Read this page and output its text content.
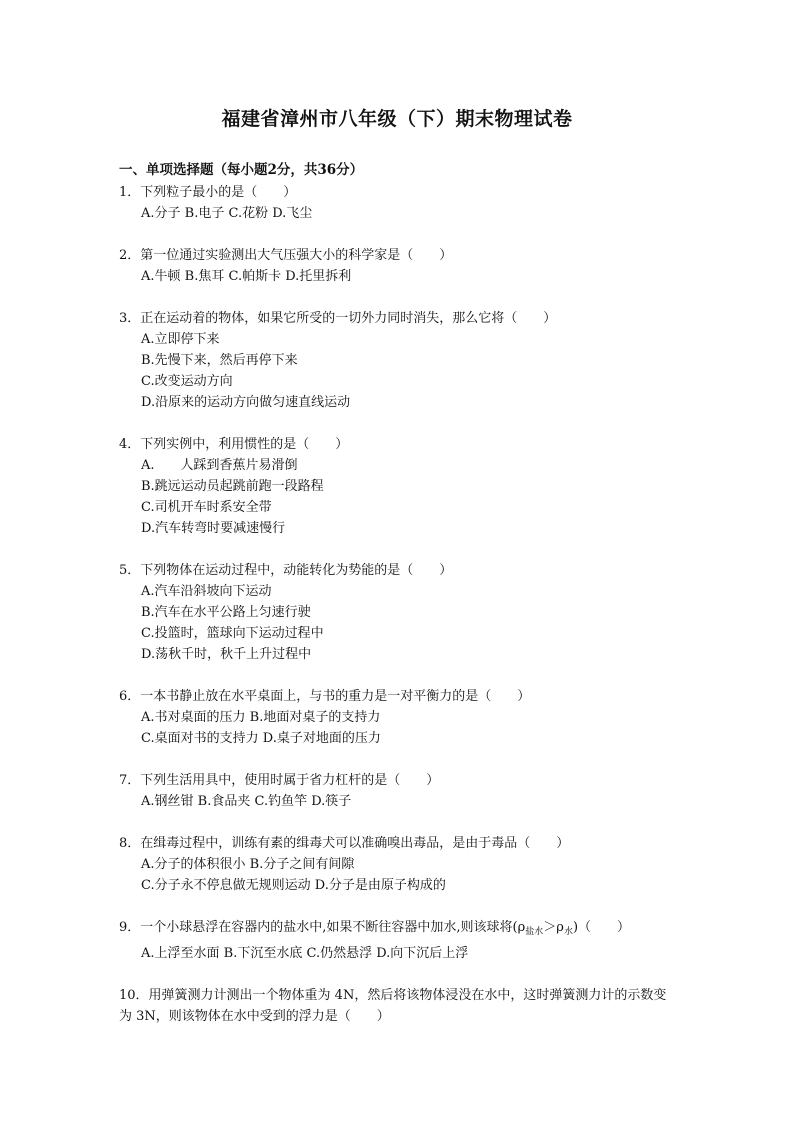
福建省漳州市八年级（下）期末物理试卷
一、单项选择题（每小题2分，共36分）
1．下列粒子最小的是（　　）
A.分子 B.电子 C.花粉 D.飞尘
2．第一位通过实验测出大气压强大小的科学家是（　　）
A.牛顿 B.焦耳 C.帕斯卡 D.托里拆利
3．正在运动着的物体，如果它所受的一切外力同时消失，那么它将（　　）
A.立即停下来
B.先慢下来，然后再停下来
C.改变运动方向
D.沿原来的运动方向做匀速直线运动
4．下列实例中，利用惯性的是（　　）
A.　　人踩到香蕉片易滑倒
B.跳远运动员起跳前跑一段路程
C.司机开车时系安全带
D.汽车转弯时要减速慢行
5．下列物体在运动过程中，动能转化为势能的是（　　）
A.汽车沿斜坡向下运动
B.汽车在水平公路上匀速行驶
C.投篮时，篮球向下运动过程中
D.荡秋千时，秋千上升过程中
6．一本书静止放在水平桌面上，与书的重力是一对平衡力的是（　　）
A.书对桌面的压力 B.地面对桌子的支持力
C.桌面对书的支持力 D.桌子对地面的压力
7．下列生活用具中，使用时属于省力杠杆的是（　　）
A.钢丝钳 B.食品夹 C.钓鱼竿 D.筷子
8．在缉毒过程中，训练有素的缉毒犬可以准确嗅出毒品，是由于毒品（　　）
A.分子的体积很小 B.分子之间有间隙
C.分子永不停息做无规则运动 D.分子是由原子构成的
9．一个小球悬浮在容器内的盐水中,如果不断往容器中加水,则该球将$(\rho_{盐水}>\rho_水)$（　　）
A.上浮至水面 B.下沉至水底 C.仍然悬浮 D.向下沉后上浮
10．用弹簧测力计测出一个物体重为 4N，然后将该物体浸没在水中，这时弹簧测力计的示数变为 3N，则该物体在水中受到的浮力是（　　）
